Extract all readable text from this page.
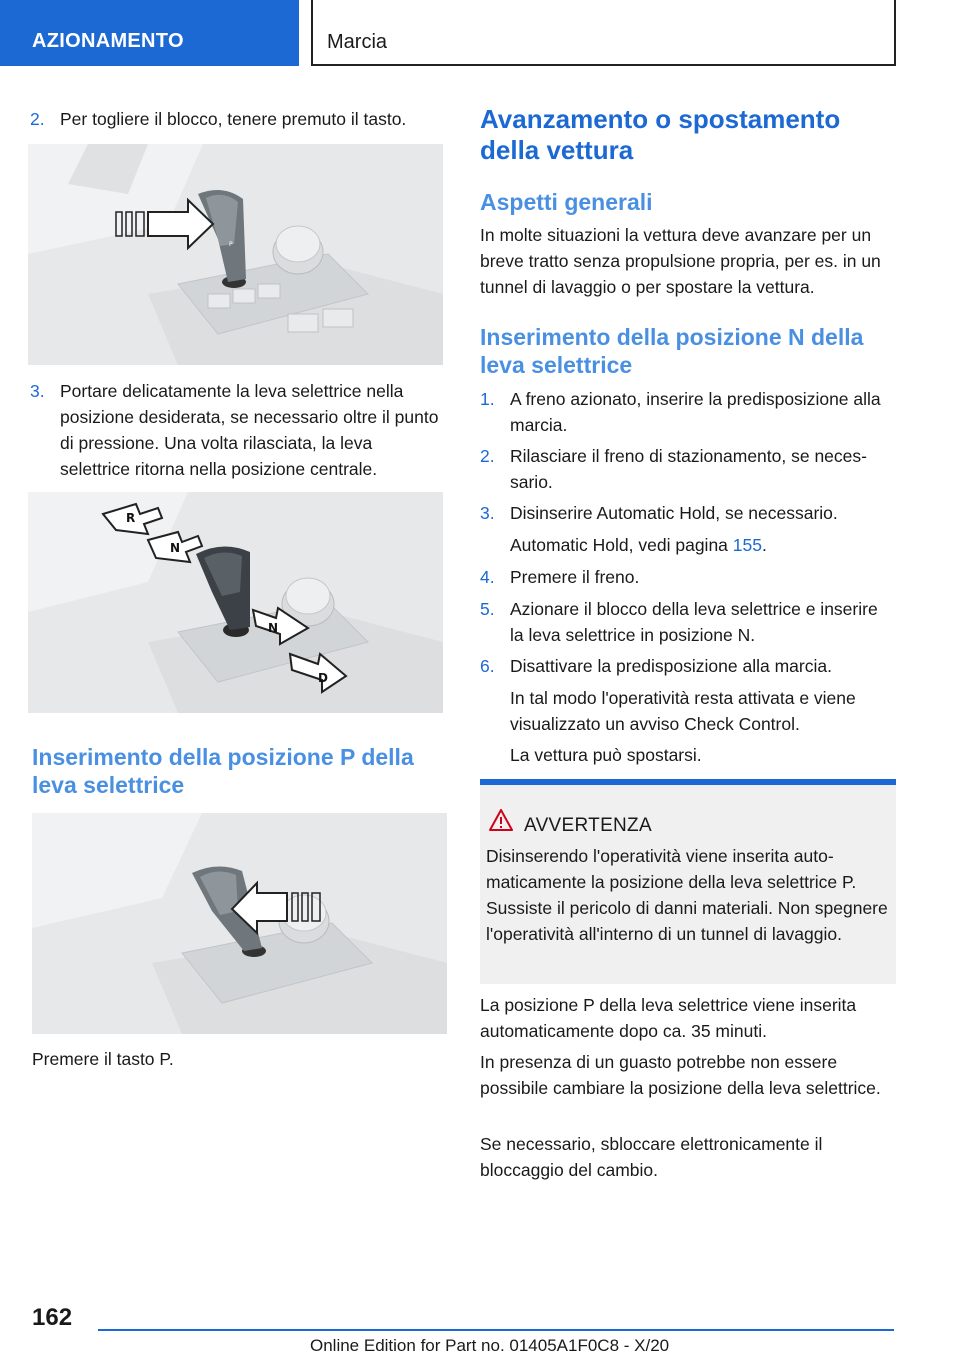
AZIONAMENTO	Marcia
2. Per togliere il blocco, tenere premuto il tasto.
P
3. Portare delicatamente la leva selettrice nella posizione desiderata, se necessario oltre il punto di pressione. Una volta rilasciata, la leva selettrice ritorna nella posizione centrale.
R
N
N
D
Inserimento della posizione P della leva selettrice
Premere il tasto P.
Avanzamento o spostamento della vettura
Aspetti generali
In molte situazioni la vettura deve avanzare per un breve tratto senza propulsione propria, per es. in un tunnel di lavaggio o per spostare la vettura.
Inserimento della posizione N della leva selettrice
1. A freno azionato, inserire la predisposizione alla marcia.
2. Rilasciare il freno di stazionamento, se necessario.
3. Disinserire Automatic Hold, se necessario.
Automatic Hold, vedi pagina 155.
4. Premere il freno.
5. Azionare il blocco della leva selettrice e inserire la leva selettrice in posizione N.
6. Disattivare la predisposizione alla marcia.
In tal modo l'operatività resta attivata e viene visualizzato un avviso Check Control.
La vettura può spostarsi.
AVVERTENZA
Disinserendo l'operatività viene inserita automaticamente la posizione della leva selettrice P. Sussiste il pericolo di danni materiali. Non spegnere l'operatività all'interno di un tunnel di lavaggio.
La posizione P della leva selettrice viene inserita automaticamente dopo ca. 35 minuti.
In presenza di un guasto potrebbe non essere possibile cambiare la posizione della leva selettrice.
Se necessario, sbloccare elettronicamente il bloccaggio del cambio.
162
Online Edition for Part no. 01405A1F0C8 - X/20
